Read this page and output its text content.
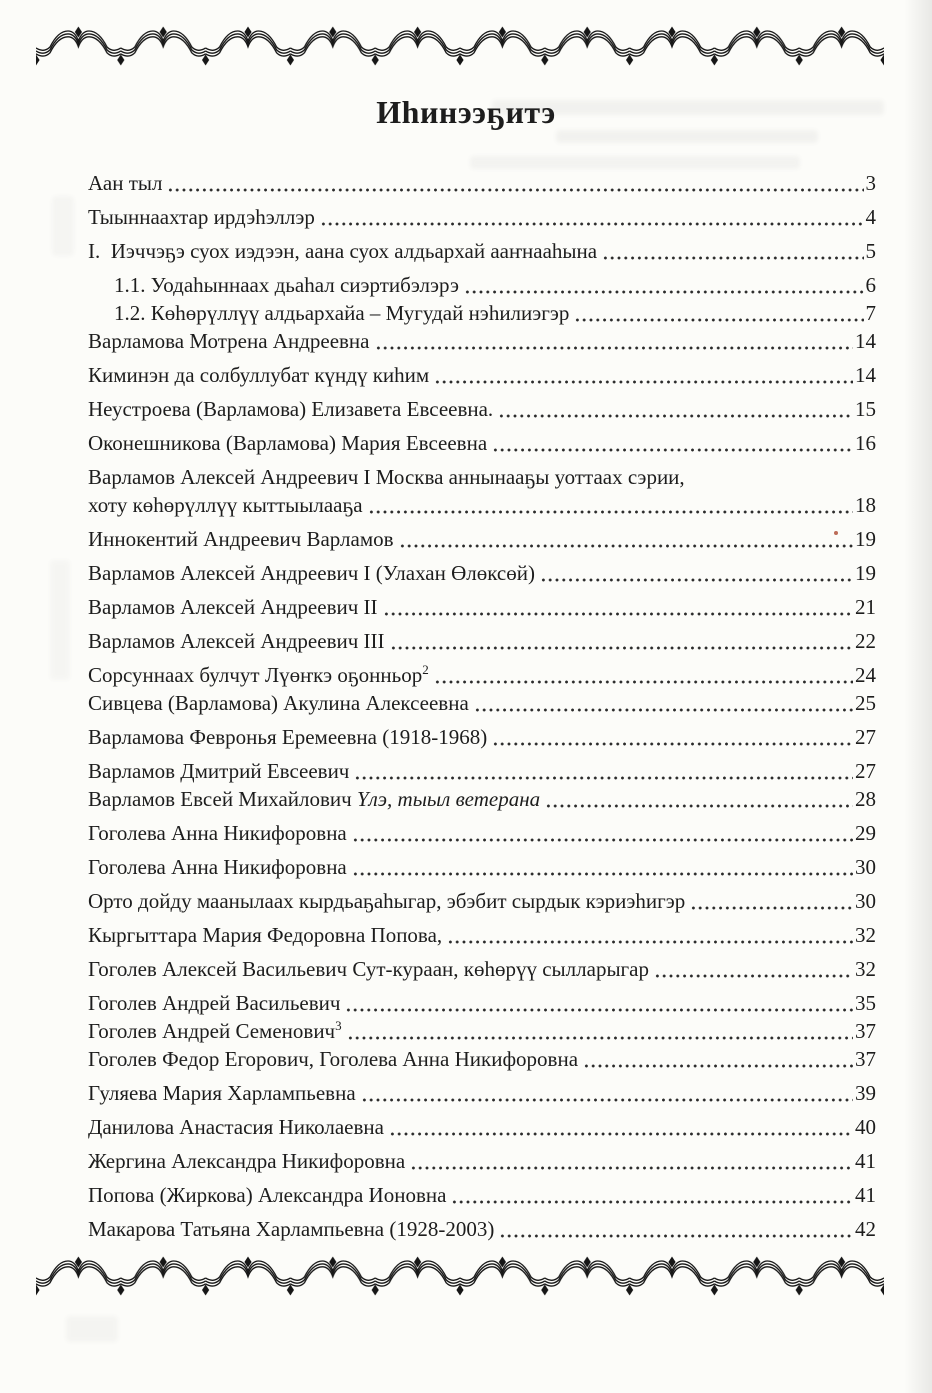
Иһинээҕитэ
Аан тыл	3
Тыыннаахтар ирдэһэллэр	4
I.  Иэччэҕэ суох иэдээн, аана суох алдьархай ааҥнааһына	5
1.1. Уодаһыннаах дьаһал сиэртибэлэрэ	6
1.2. Көһөрүллүү алдьархайа – Мугудай нэһилиэгэр	7
Варламова Мотрена Андреевна	14
Киминэн да солбуллубат күндү киһим	14
Неустроева (Варламова) Елизавета Евсеевна.	15
Оконешникова (Варламова) Мария Евсеевна	16
Варламов Алексей Андреевич I Москва аннынааҕы уоттаах сэрии,
хоту көһөрүллүү кыттыылааҕа	18
Иннокентий Андреевич Варламов	19
Варламов Алексей Андреевич I (Улахан Өлөксөй)	19
Варламов Алексей Андреевич II	21
Варламов Алексей Андреевич III	22
Сорсуннаах булчут Лүөҥкэ оҕонньор$^2$	24
Сивцева (Варламова) Акулина Алексеевна	25
Варламова Февронья Еремеевна (1918-1968)	27
Варламов Дмитрий Евсеевич	27
Варламов Евсей Михайлович Үлэ, тыыл ветерана	28
Гоголева Анна Никифоровна	29
Гоголева Анна Никифоровна	30
Орто дойду маанылаах кырдьаҕаһыгар, эбэбит сырдык кэриэһигэр	30
Кыргыттара Мария Федоровна Попова,	32
Гоголев Алексей Васильевич Сут-кураан, көһөрүү сылларыгар	32
Гоголев Андрей Васильевич	35
Гоголев Андрей Семенович$^3$	37
Гоголев Федор Егорович, Гоголева Анна Никифоровна	37
Гуляева Мария Харлампьевна	39
Данилова Анастасия Николаевна	40
Жергина Александра Никифоровна	41
Попова (Жиркова) Александра Ионовна	41
Макарова Татьяна Харлампьевна (1928-2003)	42
